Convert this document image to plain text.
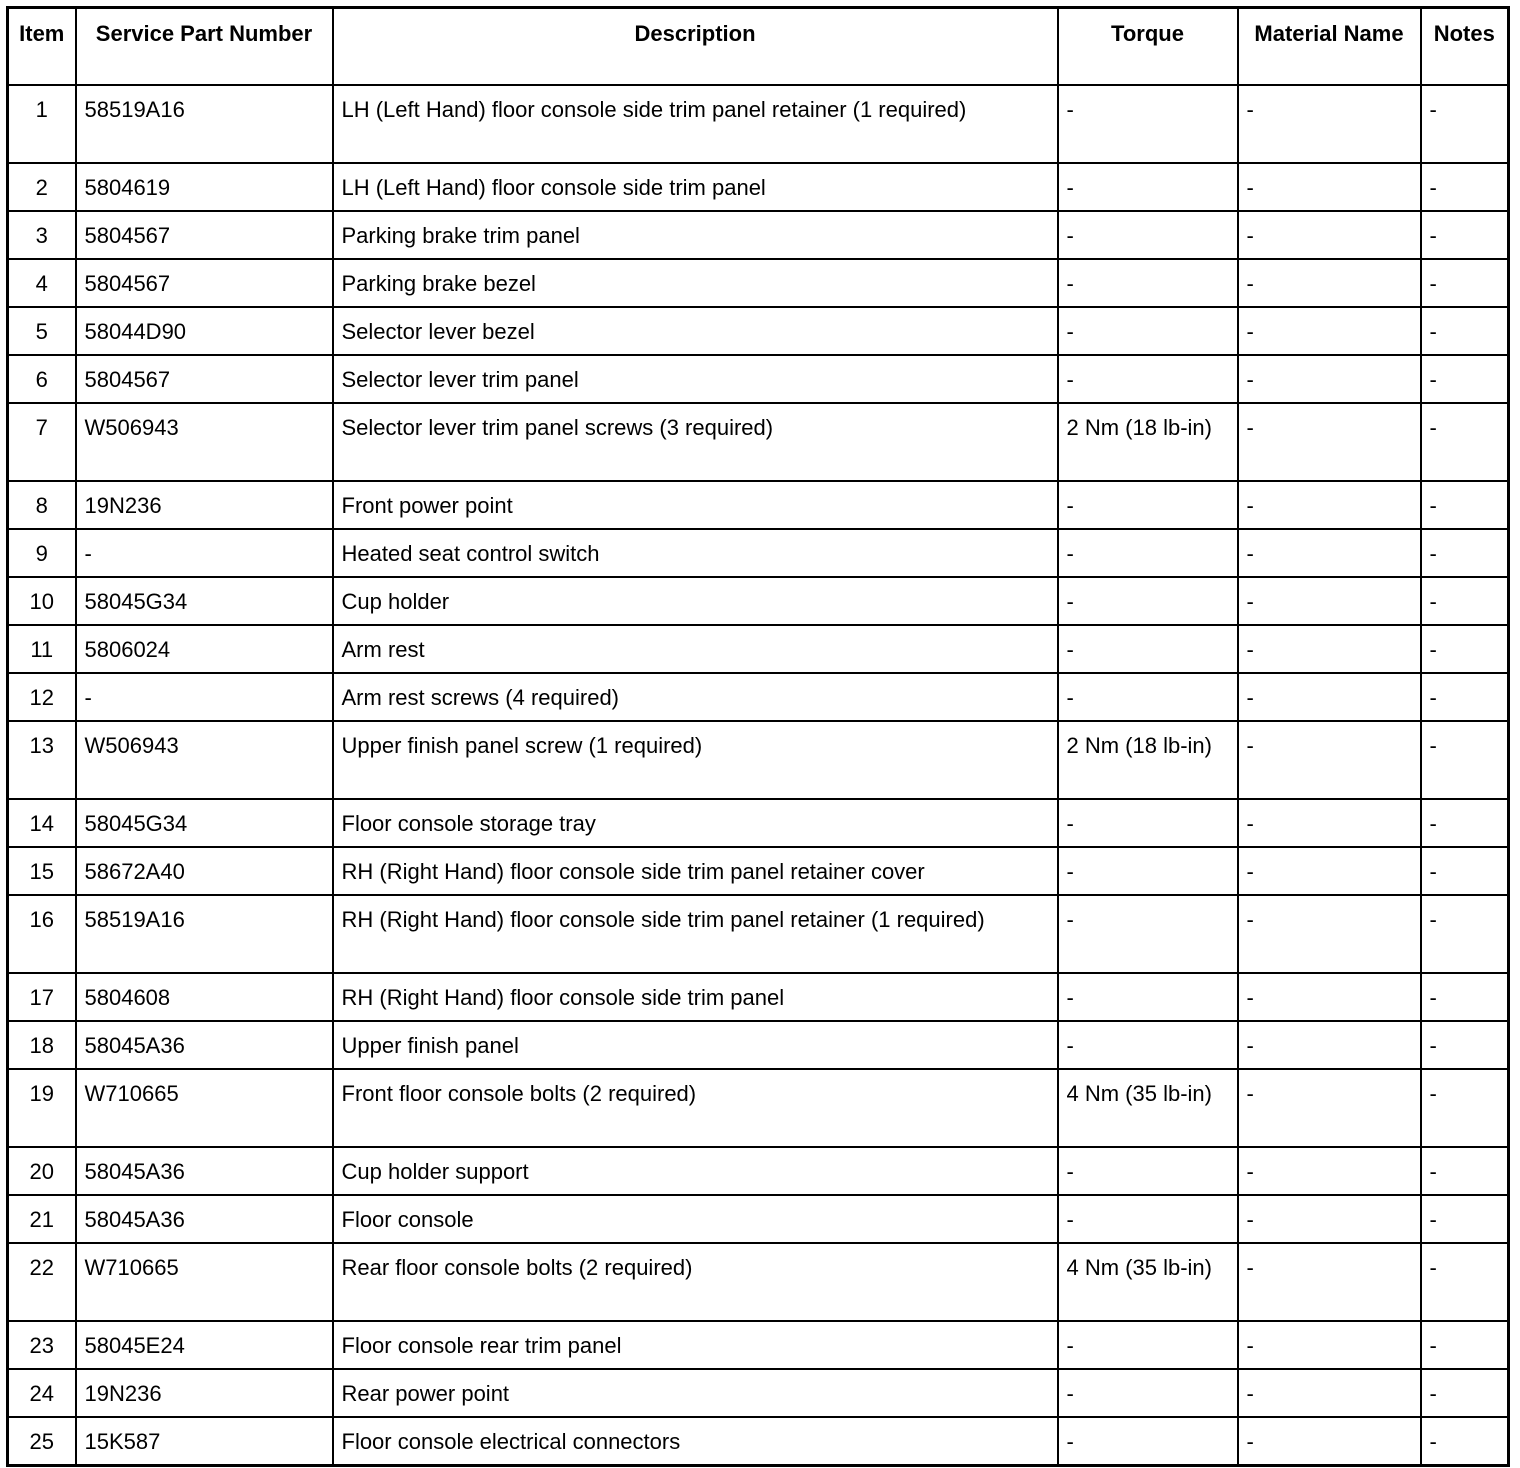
Item	Service Part Number	Description	Torque	Material Name	Notes
1	58519A16	LH (Left Hand) floor console side trim panel retainer (1 required)	-	-	-
2	5804619	LH (Left Hand) floor console side trim panel	-	-	-
3	5804567	Parking brake trim panel	-	-	-
4	5804567	Parking brake bezel	-	-	-
5	58044D90	Selector lever bezel	-	-	-
6	5804567	Selector lever trim panel	-	-	-
7	W506943	Selector lever trim panel screws (3 required)	2 Nm (18 lb-in)	-	-
8	19N236	Front power point	-	-	-
9	-	Heated seat control switch	-	-	-
10	58045G34	Cup holder	-	-	-
11	5806024	Arm rest	-	-	-
12	-	Arm rest screws (4 required)	-	-	-
13	W506943	Upper finish panel screw (1 required)	2 Nm (18 lb-in)	-	-
14	58045G34	Floor console storage tray	-	-	-
15	58672A40	RH (Right Hand) floor console side trim panel retainer cover	-	-	-
16	58519A16	RH (Right Hand) floor console side trim panel retainer (1 required)	-	-	-
17	5804608	RH (Right Hand) floor console side trim panel	-	-	-
18	58045A36	Upper finish panel	-	-	-
19	W710665	Front floor console bolts (2 required)	4 Nm (35 lb-in)	-	-
20	58045A36	Cup holder support	-	-	-
21	58045A36	Floor console	-	-	-
22	W710665	Rear floor console bolts (2 required)	4 Nm (35 lb-in)	-	-
23	58045E24	Floor console rear trim panel	-	-	-
24	19N236	Rear power point	-	-	-
25	15K587	Floor console electrical connectors	-	-	-
